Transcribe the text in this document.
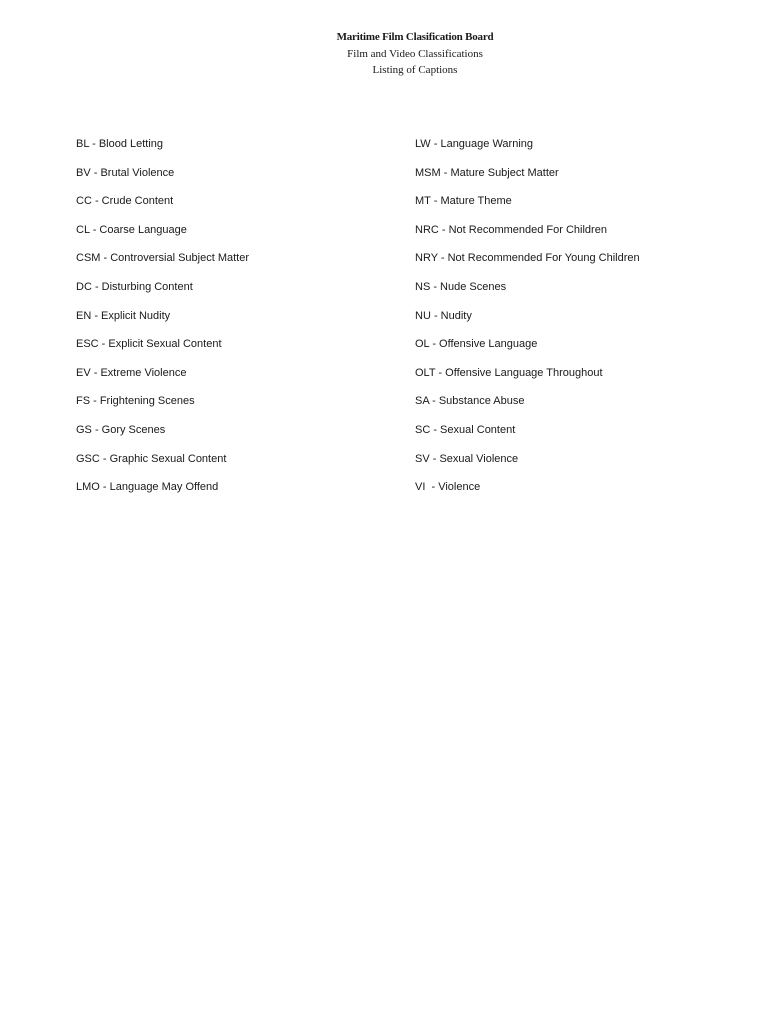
Maritime Film Clasification Board
Film and Video Classifications
Listing of Captions
BL - Blood Letting
BV - Brutal Violence
CC - Crude Content
CL - Coarse Language
CSM - Controversial Subject Matter
DC - Disturbing Content
EN - Explicit Nudity
ESC - Explicit Sexual Content
EV - Extreme Violence
FS - Frightening Scenes
GS - Gory Scenes
GSC - Graphic Sexual Content
LMO - Language May Offend
LW - Language Warning
MSM - Mature Subject Matter
MT - Mature Theme
NRC - Not Recommended For Children
NRY - Not Recommended For Young Children
NS - Nude Scenes
NU - Nudity
OL - Offensive Language
OLT - Offensive Language Throughout
SA - Substance Abuse
SC - Sexual Content
SV - Sexual Violence
VI  - Violence
